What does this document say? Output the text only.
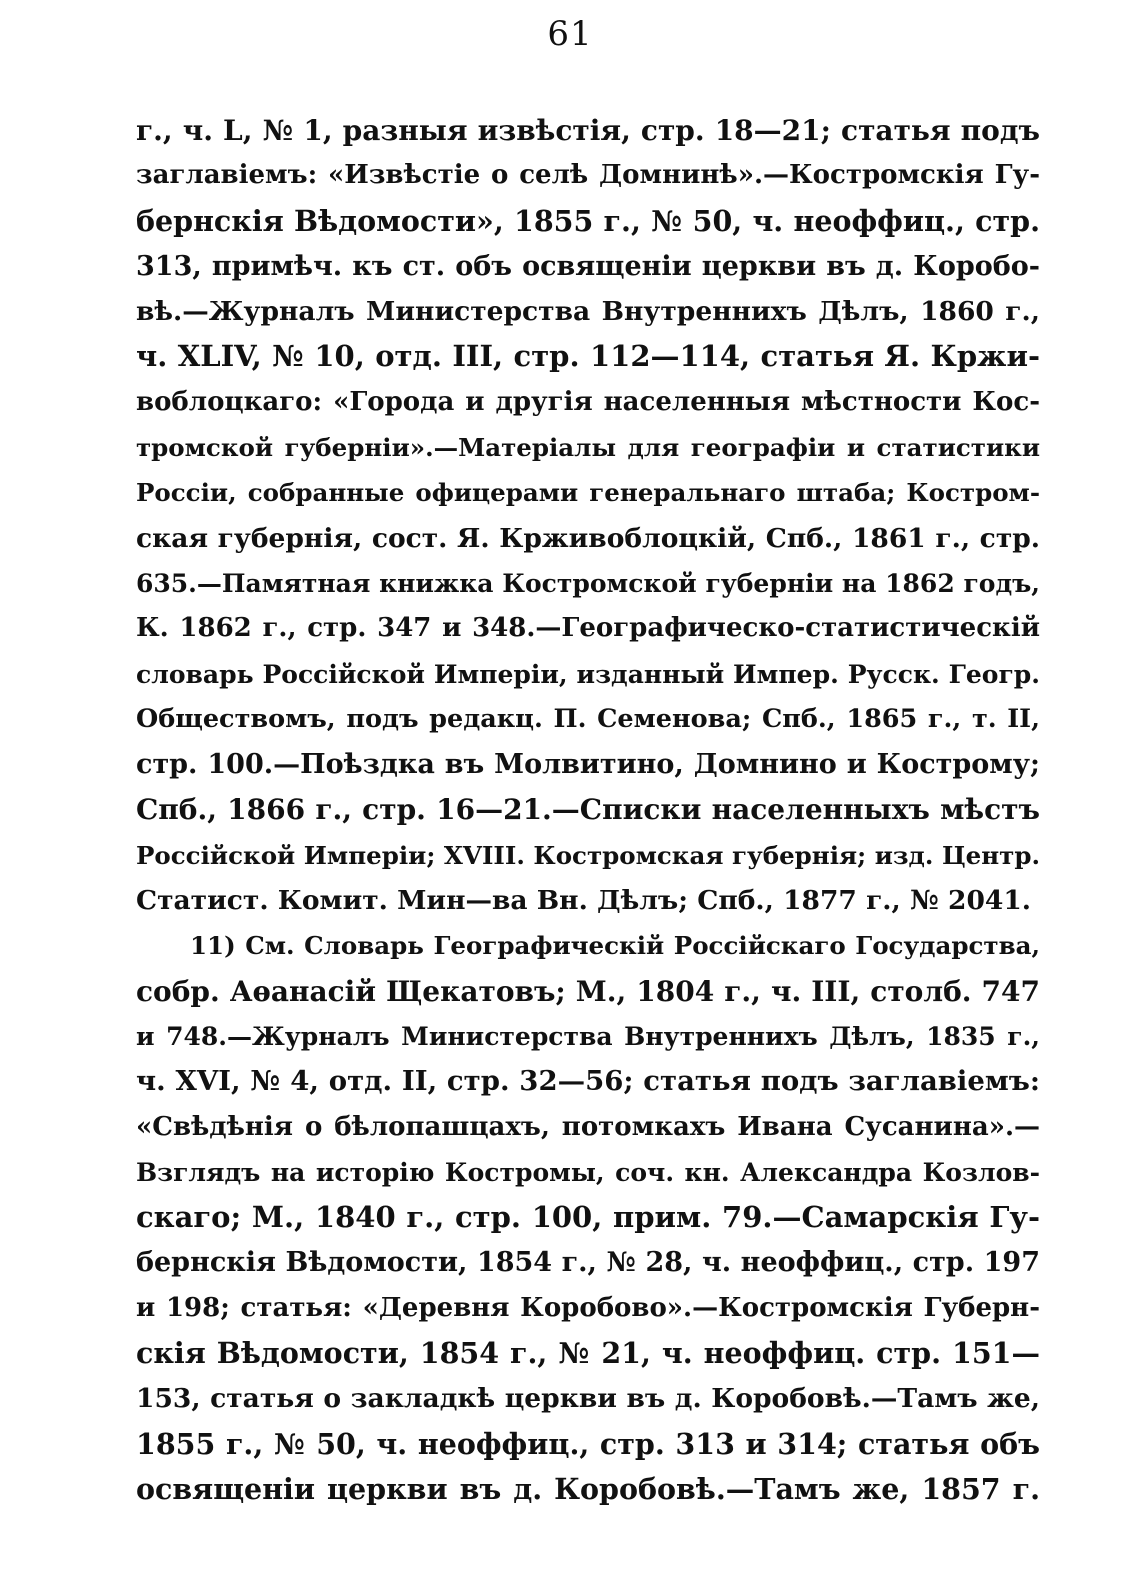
61
г., ч. L, № 1, разныя извѣстія, стр. 18—21; статья подъ
заглавіемъ: «Извѣстіе о селѣ Домнинѣ».—Костромскія Гу-
бернскія Вѣдомости», 1855 г., № 50, ч. неоффиц., стр.
313, примѣч. къ ст. объ освященіи церкви въ д. Коробо-
вѣ.—Журналъ Министерства Внутреннихъ Дѣлъ, 1860 г.,
ч. XLIV, № 10, отд. III, стр. 112—114, статья Я. Кржи-
воблоцкаго: «Города и другія населенныя мѣстности Кос-
тромской губерніи».—Матеріалы для географіи и статистики
Россіи, собранные офицерами генеральнаго штаба; Костром-
ская губернія, сост. Я. Крживоблоцкій, Спб., 1861 г., стр.
635.—Памятная книжка Костромской губерніи на 1862 годъ,
К. 1862 г., стр. 347 и 348.—Географическо-статистическій
словарь Россійской Имперіи, изданный Импер. Русск. Геогр.
Обществомъ, подъ редакц. П. Семенова; Спб., 1865 г., т. II,
стр. 100.—Поѣздка въ Молвитино, Домнино и Кострому;
Спб., 1866 г., стр. 16—21.—Списки населенныхъ мѣстъ
Россійской Имперіи; XVIII. Костромская губернія; изд. Центр.
Статист. Комит. Мин—ва Вн. Дѣлъ; Спб., 1877 г., № 2041.
11) См. Словарь Географическій Россійскаго Государства,
собр. Аѳанасій Щекатовъ; М., 1804 г., ч. III, столб. 747
и 748.—Журналъ Министерства Внутреннихъ Дѣлъ, 1835 г.,
ч. XVI, № 4, отд. II, стр. 32—56; статья подъ заглавіемъ:
«Свѣдѣнія о бѣлопашцахъ, потомкахъ Ивана Сусанина».—
Взглядъ на исторію Костромы, соч. кн. Александра Козлов-
скаго; М., 1840 г., стр. 100, прим. 79.—Самарскія Гу-
бернскія Вѣдомости, 1854 г., № 28, ч. неоффиц., стр. 197
и 198; статья: «Деревня Коробово».—Костромскія Губерн-
скія Вѣдомости, 1854 г., № 21, ч. неоффиц. стр. 151—
153, статья о закладкѣ церкви въ д. Коробовѣ.—Тамъ же,
1855 г., № 50, ч. неоффиц., стр. 313 и 314; статья объ
освященіи церкви въ д. Коробовѣ.—Тамъ же, 1857 г.
